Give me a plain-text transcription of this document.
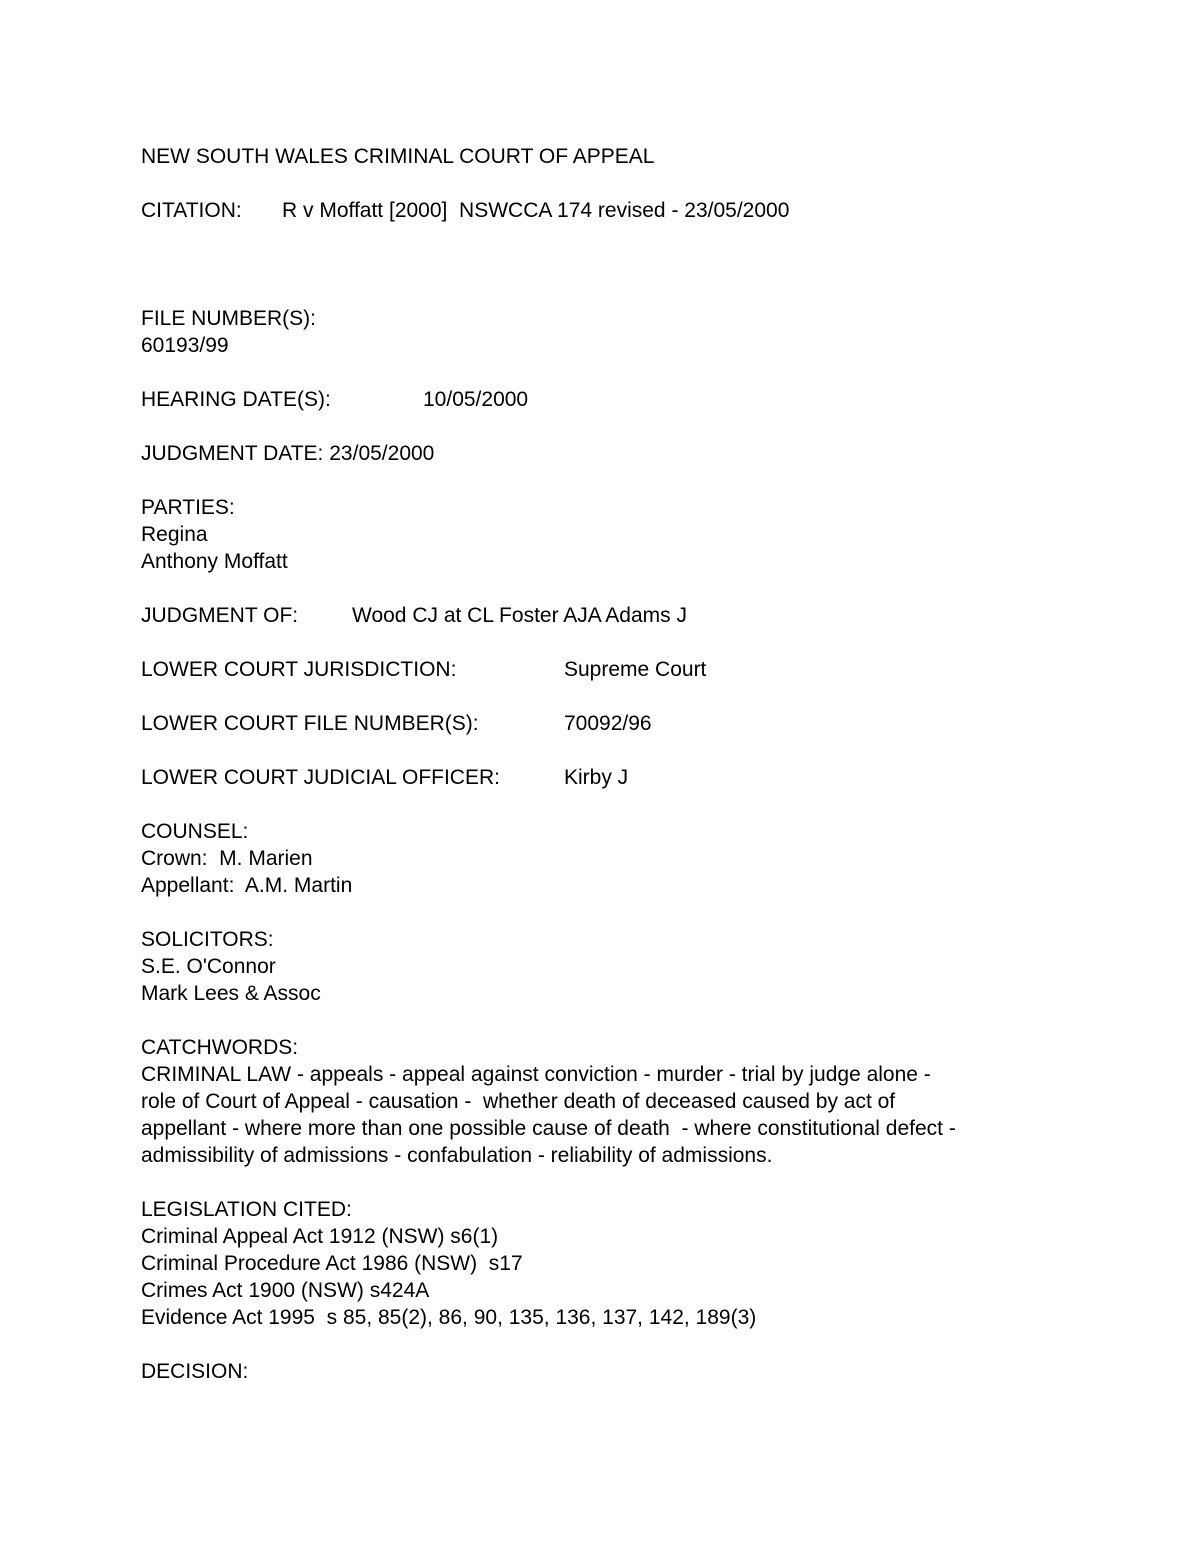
NEW SOUTH WALES CRIMINAL COURT OF APPEAL
CITATION: R v Moffatt [2000]  NSWCCA 174 revised - 23/05/2000
FILE NUMBER(S):
60193/99
HEARING DATE(S):	10/05/2000
JUDGMENT DATE: 23/05/2000
PARTIES:
Regina
Anthony Moffatt
JUDGMENT OF:	Wood CJ at CL Foster AJA Adams J
LOWER COURT JURISDICTION:	Supreme Court
LOWER COURT FILE NUMBER(S):	70092/96
LOWER COURT JUDICIAL OFFICER:	Kirby J
COUNSEL:
Crown:  M. Marien
Appellant:  A.M. Martin
SOLICITORS:
S.E. O'Connor
Mark Lees & Assoc
CATCHWORDS:
CRIMINAL LAW - appeals - appeal against conviction - murder - trial by judge alone -
role of Court of Appeal - causation -  whether death of deceased caused by act of
appellant - where more than one possible cause of death  - where constitutional defect -
admissibility of admissions - confabulation - reliability of admissions.
LEGISLATION CITED:
Criminal Appeal Act 1912 (NSW) s6(1)
Criminal Procedure Act 1986 (NSW)  s17
Crimes Act 1900 (NSW) s424A
Evidence Act 1995  s 85, 85(2), 86, 90, 135, 136, 137, 142, 189(3)
DECISION:
